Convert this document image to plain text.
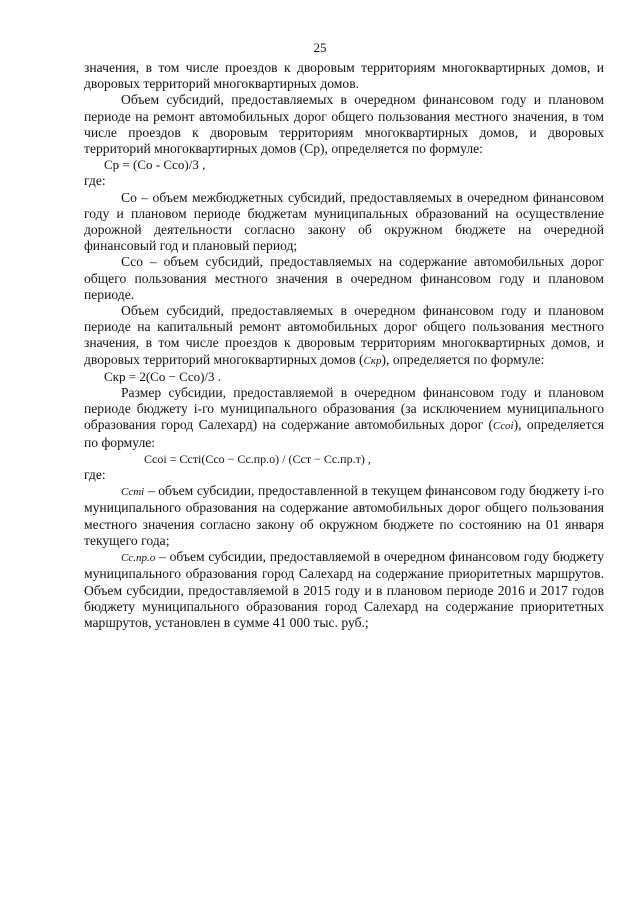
25

значения, в том числе проездов к дворовым территориям многоквартирных домов, и дворовых территорий многоквартирных домов.

Объем субсидий, предоставляемых в очередном финансовом году и плановом периоде на ремонт автомобильных дорог общего пользования местного значения, в том числе проездов к дворовым территориям многоквартирных домов, и дворовых территорий многоквартирных домов (Ср), определяется по формуле:

Ср = (Со - Ссо)/3 ,

где:

Со – объем межбюджетных субсидий, предоставляемых в очередном финансовом году и плановом периоде бюджетам муниципальных образований на осуществление дорожной деятельности согласно закону об окружном бюджете на очередной финансовый год и плановый период;

Ссо – объем субсидий, предоставляемых на содержание автомобильных дорог общего пользования местного значения в очередном финансовом году и плановом периоде.

Объем субсидий, предоставляемых в очередном финансовом году и плановом периоде на капитальный ремонт автомобильных дорог общего пользования местного значения, в том числе проездов к дворовым территориям многоквартирных домов, и дворовых территорий многоквартирных домов (Cкр), определяется по формуле:

Cкр = 2(Со − Cсо)/3 .

Размер субсидии, предоставляемой в очередном финансовом году и плановом периоде бюджету i-го муниципального образования (за исключением муниципального образования город Салехард) на содержание автомобильных дорог (Cсоi), определяется по формуле:

Cсоi = Cстi(Cсо − Cс.пр.о) / (Cст − Cс.пр.т) ,

где:

Cстi – объем субсидии, предоставленной в текущем финансовом году бюджету i-го муниципального образования на содержание автомобильных дорог общего пользования местного значения согласно закону об окружном бюджете по состоянию на 01 января текущего года;

Cс.пр.о – объем субсидии, предоставляемой в очередном финансовом году бюджету муниципального образования город Салехард на содержание приоритетных маршрутов. Объем субсидии, предоставляемой в 2015 году и в плановом периоде 2016 и 2017 годов бюджету муниципального образования город Салехард на содержание приоритетных маршрутов, установлен в сумме 41 000 тыс. руб.;
